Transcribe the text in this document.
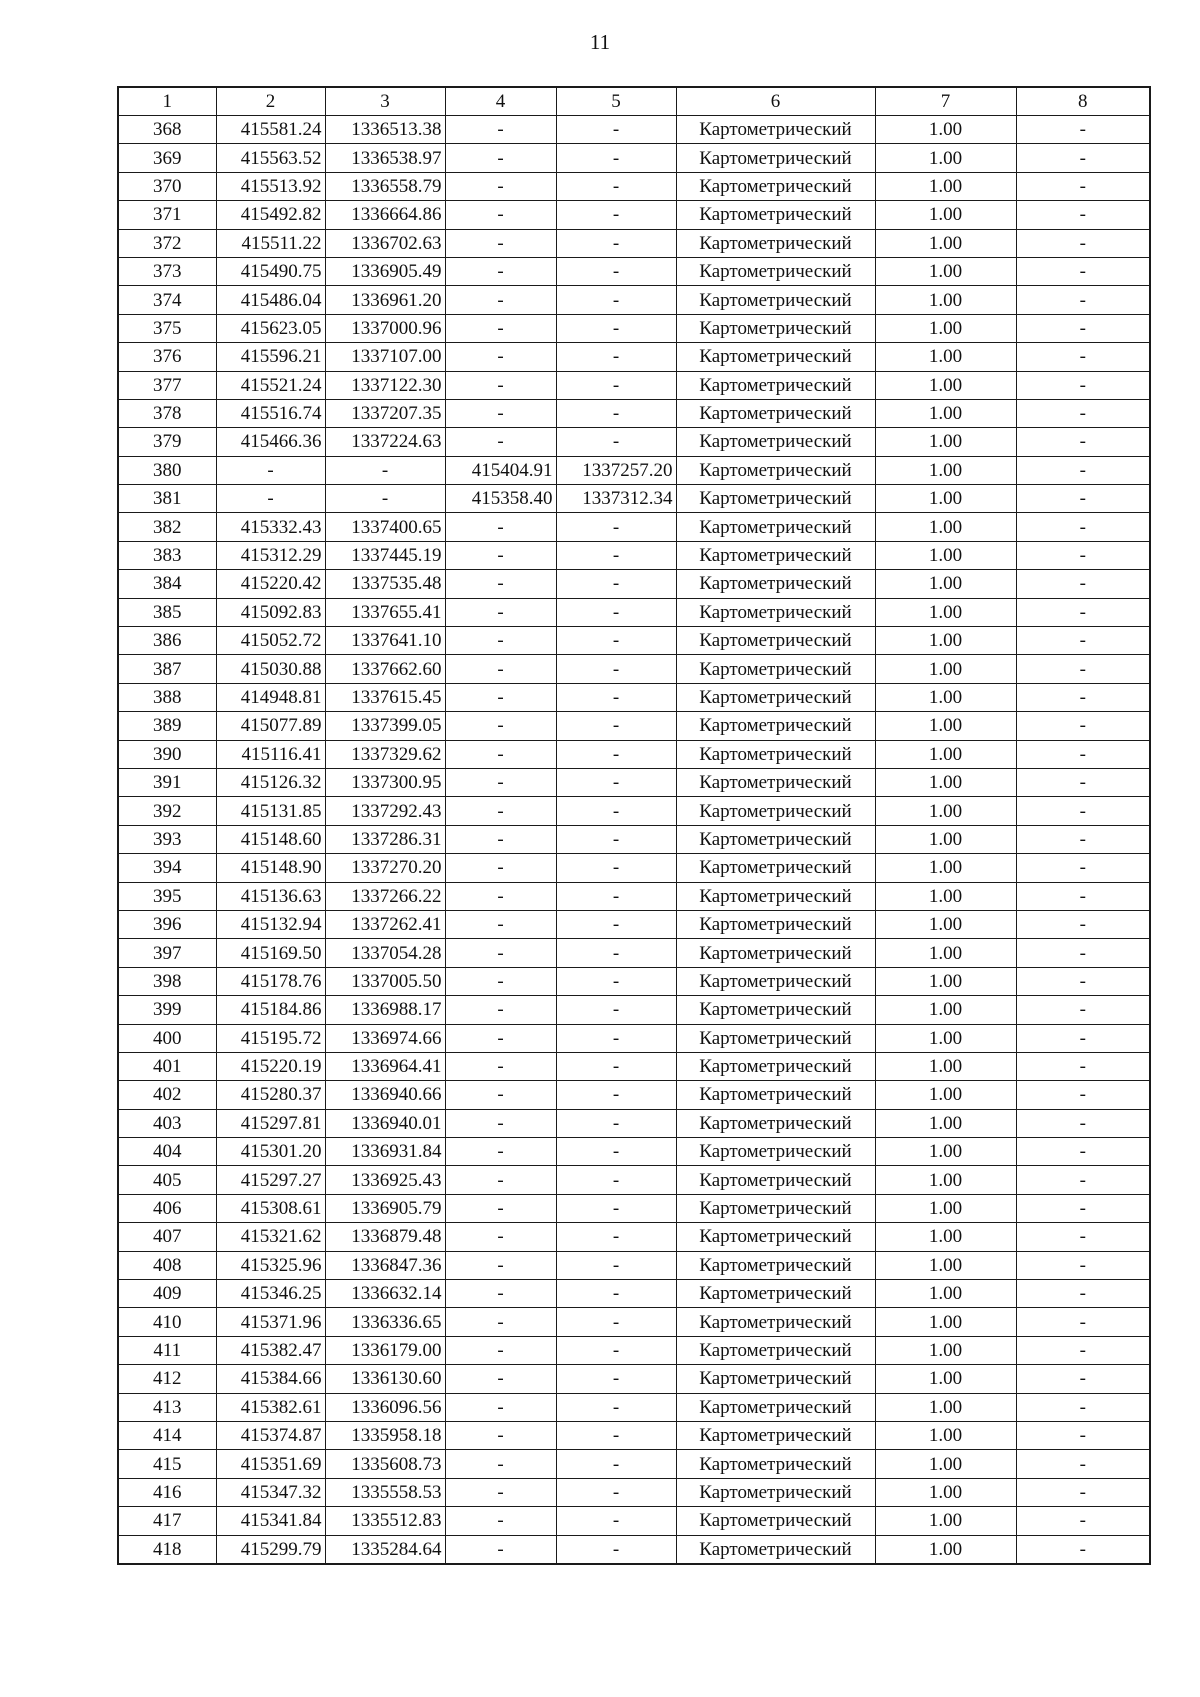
11
1	2	3	4	5	6	7	8
368	415581.24	1336513.38	-	-	Картометрический	1.00	-
369	415563.52	1336538.97	-	-	Картометрический	1.00	-
370	415513.92	1336558.79	-	-	Картометрический	1.00	-
371	415492.82	1336664.86	-	-	Картометрический	1.00	-
372	415511.22	1336702.63	-	-	Картометрический	1.00	-
373	415490.75	1336905.49	-	-	Картометрический	1.00	-
374	415486.04	1336961.20	-	-	Картометрический	1.00	-
375	415623.05	1337000.96	-	-	Картометрический	1.00	-
376	415596.21	1337107.00	-	-	Картометрический	1.00	-
377	415521.24	1337122.30	-	-	Картометрический	1.00	-
378	415516.74	1337207.35	-	-	Картометрический	1.00	-
379	415466.36	1337224.63	-	-	Картометрический	1.00	-
380	-	-	415404.91	1337257.20	Картометрический	1.00	-
381	-	-	415358.40	1337312.34	Картометрический	1.00	-
382	415332.43	1337400.65	-	-	Картометрический	1.00	-
383	415312.29	1337445.19	-	-	Картометрический	1.00	-
384	415220.42	1337535.48	-	-	Картометрический	1.00	-
385	415092.83	1337655.41	-	-	Картометрический	1.00	-
386	415052.72	1337641.10	-	-	Картометрический	1.00	-
387	415030.88	1337662.60	-	-	Картометрический	1.00	-
388	414948.81	1337615.45	-	-	Картометрический	1.00	-
389	415077.89	1337399.05	-	-	Картометрический	1.00	-
390	415116.41	1337329.62	-	-	Картометрический	1.00	-
391	415126.32	1337300.95	-	-	Картометрический	1.00	-
392	415131.85	1337292.43	-	-	Картометрический	1.00	-
393	415148.60	1337286.31	-	-	Картометрический	1.00	-
394	415148.90	1337270.20	-	-	Картометрический	1.00	-
395	415136.63	1337266.22	-	-	Картометрический	1.00	-
396	415132.94	1337262.41	-	-	Картометрический	1.00	-
397	415169.50	1337054.28	-	-	Картометрический	1.00	-
398	415178.76	1337005.50	-	-	Картометрический	1.00	-
399	415184.86	1336988.17	-	-	Картометрический	1.00	-
400	415195.72	1336974.66	-	-	Картометрический	1.00	-
401	415220.19	1336964.41	-	-	Картометрический	1.00	-
402	415280.37	1336940.66	-	-	Картометрический	1.00	-
403	415297.81	1336940.01	-	-	Картометрический	1.00	-
404	415301.20	1336931.84	-	-	Картометрический	1.00	-
405	415297.27	1336925.43	-	-	Картометрический	1.00	-
406	415308.61	1336905.79	-	-	Картометрический	1.00	-
407	415321.62	1336879.48	-	-	Картометрический	1.00	-
408	415325.96	1336847.36	-	-	Картометрический	1.00	-
409	415346.25	1336632.14	-	-	Картометрический	1.00	-
410	415371.96	1336336.65	-	-	Картометрический	1.00	-
411	415382.47	1336179.00	-	-	Картометрический	1.00	-
412	415384.66	1336130.60	-	-	Картометрический	1.00	-
413	415382.61	1336096.56	-	-	Картометрический	1.00	-
414	415374.87	1335958.18	-	-	Картометрический	1.00	-
415	415351.69	1335608.73	-	-	Картометрический	1.00	-
416	415347.32	1335558.53	-	-	Картометрический	1.00	-
417	415341.84	1335512.83	-	-	Картометрический	1.00	-
418	415299.79	1335284.64	-	-	Картометрический	1.00	-
